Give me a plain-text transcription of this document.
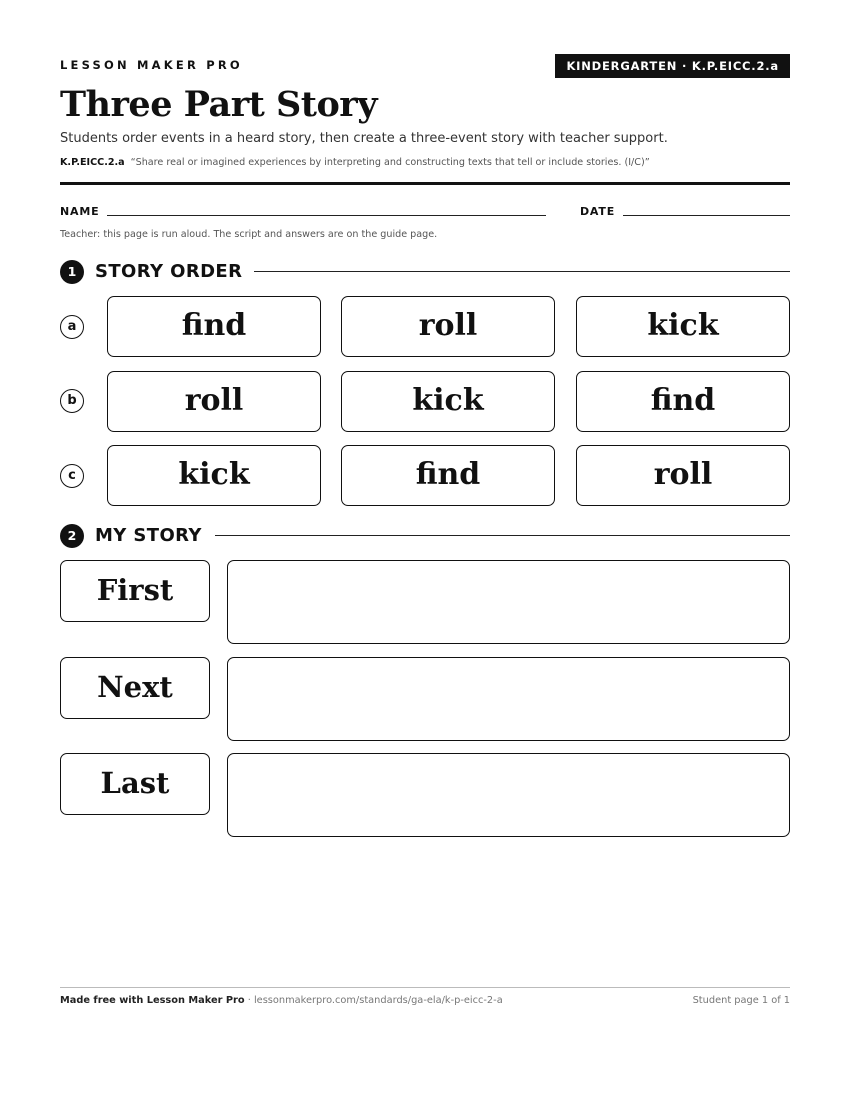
LESSON MAKER PRO	KINDERGARTEN · K.P.EICC.2.a
Three Part Story
Students order events in a heard story, then create a three-event story with teacher support.
K.P.EICC.2.a “Share real or imagined experiences by interpreting and constructing texts that tell or include stories. (I/C)”
NAME	DATE
Teacher: this page is run aloud. The script and answers are on the guide page.
1	STORY ORDER
a	find	roll	kick
b	roll	kick	find
c	kick	find	roll
2	MY STORY
First
Next
Last
Made free with Lesson Maker Pro · lessonmakerpro.com/standards/ga-ela/k-p-eicc-2-a	Student page 1 of 1
